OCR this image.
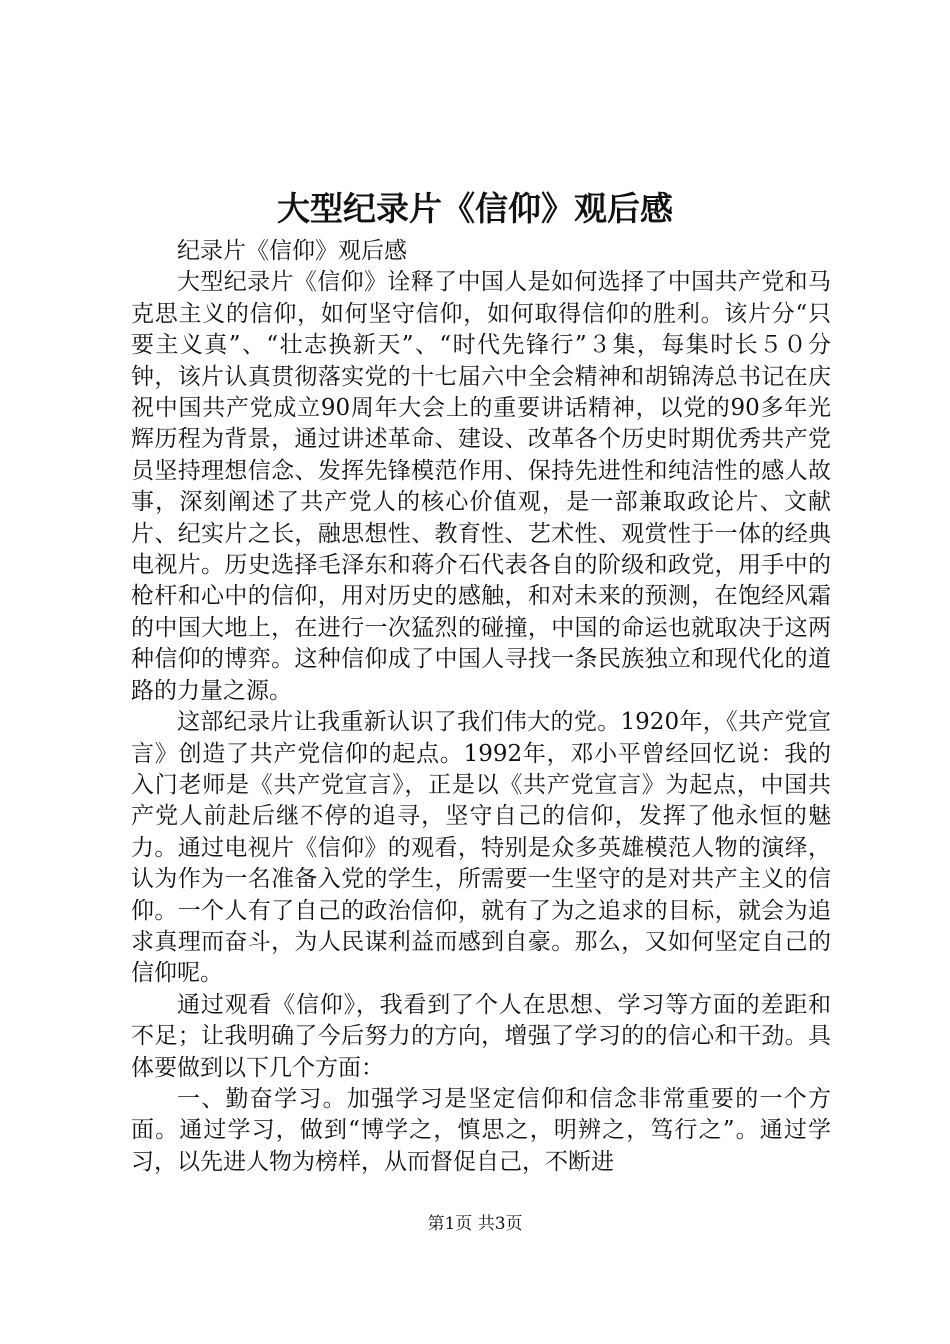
大型纪录片《信仰》观后感

纪录片《信仰》观后感

大型纪录片《信仰》诠释了中国人是如何选择了中国共产党和马克思主义的信仰，如何坚守信仰，如何取得信仰的胜利。该片分“只要主义真”、“壮志换新天”、“时代先锋行”３集，每集时长５０分钟，该片认真贯彻落实党的十七届六中全会精神和胡锦涛总书记在庆祝中国共产党成立90周年大会上的重要讲话精神，以党的90多年光辉历程为背景，通过讲述革命、建设、改革各个历史时期优秀共产党员坚持理想信念、发挥先锋模范作用、保持先进性和纯洁性的感人故事，深刻阐述了共产党人的核心价值观，是一部兼取政论片、文献片、纪实片之长，融思想性、教育性、艺术性、观赏性于一体的经典电视片。历史选择毛泽东和蒋介石代表各自的阶级和政党，用手中的枪杆和心中的信仰，用对历史的感触，和对未来的预测，在饱经风霜的中国大地上，在进行一次猛烈的碰撞，中国的命运也就取决于这两种信仰的博弈。这种信仰成了中国人寻找一条民族独立和现代化的道路的力量之源。

这部纪录片让我重新认识了我们伟大的党。1920年，《共产党宣言》创造了共产党信仰的起点。1992年，邓小平曾经回忆说：我的入门老师是《共产党宣言》，正是以《共产党宣言》为起点，中国共产党人前赴后继不停的追寻，坚守自己的信仰，发挥了他永恒的魅力。通过电视片《信仰》的观看，特别是众多英雄模范人物的演绎，认为作为一名准备入党的学生，所需要一生坚守的是对共产主义的信仰。一个人有了自己的政治信仰，就有了为之追求的目标，就会为追求真理而奋斗，为人民谋利益而感到自豪。那么，又如何坚定自己的信仰呢。

通过观看《信仰》，我看到了个人在思想、学习等方面的差距和不足；让我明确了今后努力的方向，增强了学习的的信心和干劲。具体要做到以下几个方面：

一、勤奋学习。加强学习是坚定信仰和信念非常重要的一个方面。通过学习，做到“博学之，慎思之，明辨之，笃行之”。通过学习，以先进人物为榜样，从而督促自己，不断进

第1页 共3页
